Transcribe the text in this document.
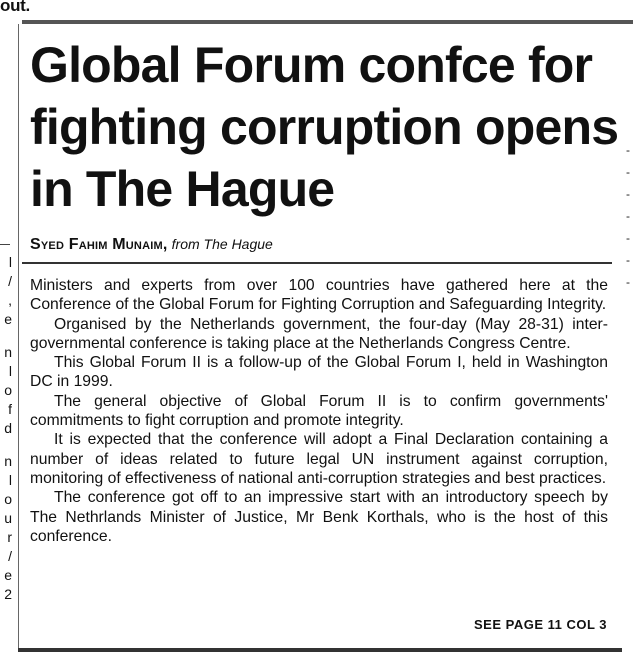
out.
l
/
,
e
n
l
o
f
d
n
l
o
u
r
/
e
2
-
-
-
-
-
-
-
Global Forum confce for fighting corruption opens in The Hague
Syed Fahim Munaim, from The Hague

Ministers and experts from over 100 countries have gathered here at the Conference of the Global Forum for Fighting Corruption and Safeguarding Integrity.

Organised by the Netherlands government, the four-day (May 28-31) inter-governmental conference is taking place at the Netherlands Congress Centre.

This Global Forum II is a follow-up of the Global Forum I, held in Washington DC in 1999.

The general objective of Global Forum II is to confirm governments' commitments to fight corruption and promote integrity.

It is expected that the conference will adopt a Final Declaration containing a number of ideas related to future legal UN instrument against corruption, monitoring of effectiveness of national anti-corruption strategies and best practices.

The conference got off to an impressive start with an introductory speech by The Nethrlands Minister of Justice, Mr Benk Korthals, who is the host of this conference.

SEE PAGE 11 COL 3
